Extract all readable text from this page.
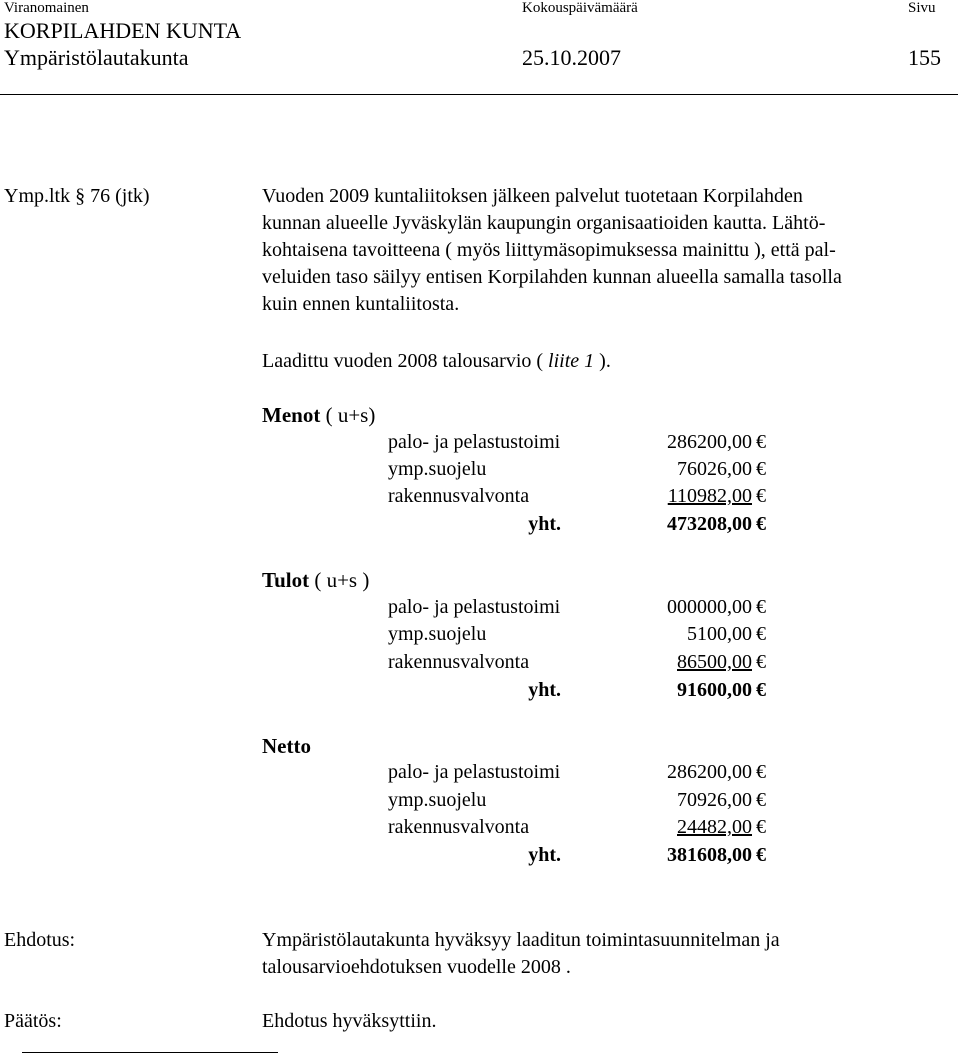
Viranomainen	Kokouspäivämäärä	Sivu
KORPILAHDEN KUNTA
Ympäristölautakunta	25.10.2007	155
Ymp.ltk § 76 (jtk)	Vuoden 2009 kuntaliitoksen jälkeen palvelut tuotetaan Korpilahden
kunnan alueelle Jyväskylän kaupungin organisaatioiden kautta. Lähtö-
kohtaisena tavoitteena ( myös liittymäsopimuksessa mainittu ), että pal-
veluiden taso säilyy entisen Korpilahden kunnan alueella samalla tasolla
kuin ennen kuntaliitosta.
Laadittu vuoden 2008 talousarvio ( liite 1 ).
Menot ( u+s)
palo- ja pelastustoimi	286200,00 €
ymp.suojelu	76026,00 €
rakennusvalvonta	110982,00 €
yht.	473208,00 €
Tulot ( u+s )
palo- ja pelastustoimi	000000,00 €
ymp.suojelu	5100,00 €
rakennusvalvonta	86500,00 €
yht.	91600,00 €
Netto
palo- ja pelastustoimi	286200,00 €
ymp.suojelu	70926,00 €
rakennusvalvonta	24482,00 €
yht.	381608,00 €
Ehdotus:	Ympäristölautakunta hyväksyy laaditun toimintasuunnitelman ja
talousarvioehdotuksen vuodelle 2008 .
Päätös:	Ehdotus hyväksyttiin.
